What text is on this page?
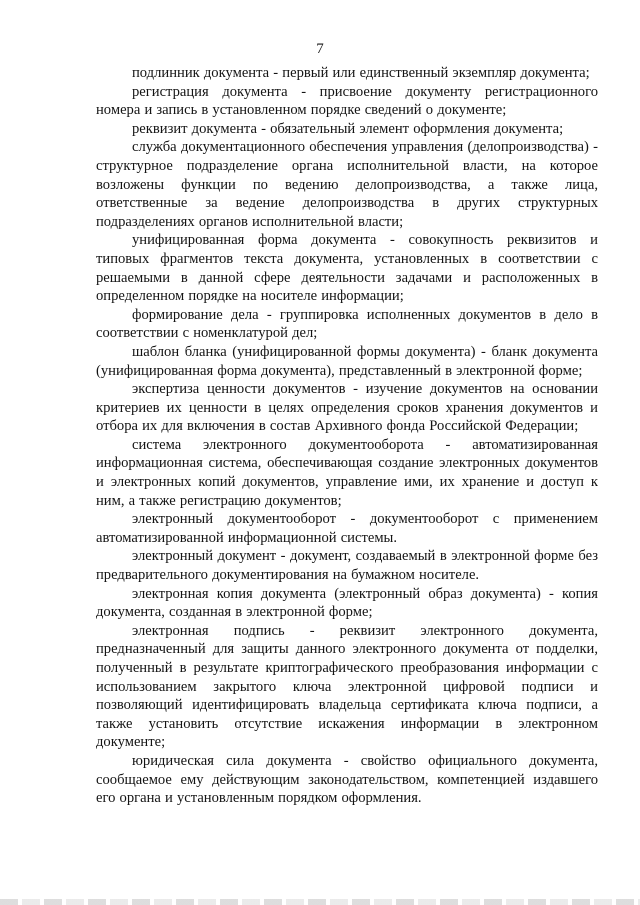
7

подлинник документа - первый или единственный экземпляр документа;

регистрация документа - присвоение документу регистрационного номера и запись в установленном порядке сведений о документе;

реквизит документа - обязательный элемент оформления документа;

служба документационного обеспечения управления (делопроизводства) - структурное подразделение органа исполнительной власти, на которое возложены функции по ведению делопроизводства, а также лица, ответственные за ведение делопроизводства в других структурных подразделениях органов исполнительной власти;

унифицированная форма документа - совокупность реквизитов и типовых фрагментов текста документа, установленных в соответствии с решаемыми в данной сфере деятельности задачами и расположенных в определенном порядке на носителе информации;

формирование дела - группировка исполненных документов в дело в соответствии с номенклатурой дел;

шаблон бланка (унифицированной формы документа) - бланк документа (унифицированная форма документа), представленный в электронной форме;

экспертиза ценности документов - изучение документов на основании критериев их ценности в целях определения сроков хранения документов и отбора их для включения в состав Архивного фонда Российской Федерации;

система электронного документооборота - автоматизированная информационная система, обеспечивающая создание электронных документов и электронных копий документов, управление ими, их хранение и доступ к ним, а также регистрацию документов;

электронный документооборот - документооборот с применением автоматизированной информационной системы.

электронный документ - документ, создаваемый в электронной форме без предварительного документирования на бумажном носителе.

электронная копия документа (электронный образ документа) - копия документа, созданная в электронной форме;

электронная подпись - реквизит электронного документа, предназначенный для защиты данного электронного документа от подделки, полученный в результате криптографического преобразования информации с использованием закрытого ключа электронной цифровой подписи и позволяющий идентифицировать владельца сертификата ключа подписи, а также установить отсутствие искажения информации в электронном документе;

юридическая сила документа - свойство официального документа, сообщаемое ему действующим законодательством, компетенцией издавшего его органа и установленным порядком оформления.
